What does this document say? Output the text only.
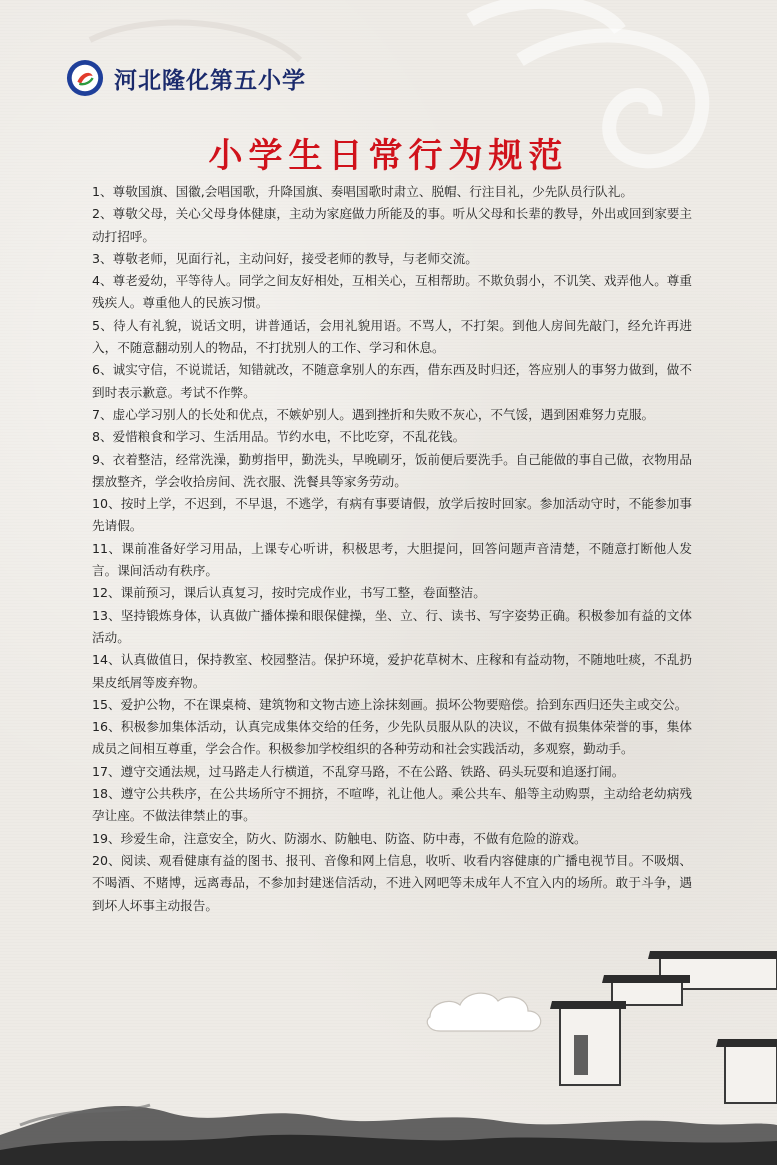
河北隆化第五小学
小学生日常行为规范

1、尊敬国旗、国徽,会唱国歌，升降国旗、奏唱国歌时肃立、脱帽、行注目礼，少先队员行队礼。

2、尊敬父母，关心父母身体健康，主动为家庭做力所能及的事。听从父母和长辈的教导，外出或回到家要主动打招呼。

3、尊敬老师，见面行礼，主动问好，接受老师的教导，与老师交流。

4、尊老爱幼，平等待人。同学之间友好相处，互相关心，互相帮助。不欺负弱小，不讥笑、戏弄他人。尊重残疾人。尊重他人的民族习惯。

5、待人有礼貌，说话文明，讲普通话，会用礼貌用语。不骂人，不打架。到他人房间先敲门，经允许再进入，不随意翻动别人的物品，不打扰别人的工作、学习和休息。

6、诚实守信，不说谎话，知错就改，不随意拿别人的东西，借东西及时归还，答应别人的事努力做到，做不到时表示歉意。考试不作弊。

7、虚心学习别人的长处和优点，不嫉妒别人。遇到挫折和失败不灰心，不气馁，遇到困难努力克服。

8、爱惜粮食和学习、生活用品。节约水电，不比吃穿，不乱花钱。

9、衣着整洁，经常洗澡，勤剪指甲，勤洗头，早晚刷牙，饭前便后要洗手。自己能做的事自己做，衣物用品摆放整齐，学会收拾房间、洗衣服、洗餐具等家务劳动。

10、按时上学，不迟到，不早退，不逃学，有病有事要请假，放学后按时回家。参加活动守时，不能参加事先请假。

11、课前准备好学习用品，上课专心听讲，积极思考，大胆提问，回答问题声音清楚，不随意打断他人发言。课间活动有秩序。

12、课前预习，课后认真复习，按时完成作业，书写工整，卷面整洁。

13、坚持锻炼身体，认真做广播体操和眼保健操，坐、立、行、读书、写字姿势正确。积极参加有益的文体活动。

14、认真做值日，保持教室、校园整洁。保护环境，爱护花草树木、庄稼和有益动物，不随地吐痰，不乱扔果皮纸屑等废弃物。

15、爱护公物，不在课桌椅、建筑物和文物古迹上涂抹刻画。损坏公物要赔偿。拾到东西归还失主或交公。

16、积极参加集体活动，认真完成集体交给的任务，少先队员服从队的决议，不做有损集体荣誉的事，集体成员之间相互尊重，学会合作。积极参加学校组织的各种劳动和社会实践活动，多观察，勤动手。

17、遵守交通法规，过马路走人行横道，不乱穿马路，不在公路、铁路、码头玩耍和追逐打闹。

18、遵守公共秩序，在公共场所守不拥挤，不喧哗，礼让他人。乘公共车、船等主动购票，主动给老幼病残孕让座。不做法律禁止的事。

19、珍爱生命，注意安全，防火、防溺水、防触电、防盗、防中毒，不做有危险的游戏。

20、阅读、观看健康有益的图书、报刊、音像和网上信息，收听、收看内容健康的广播电视节目。不吸烟、不喝酒、不赌博，远离毒品，不参加封建迷信活动，不进入网吧等未成年人不宜入内的场所。敢于斗争，遇到坏人坏事主动报告。
